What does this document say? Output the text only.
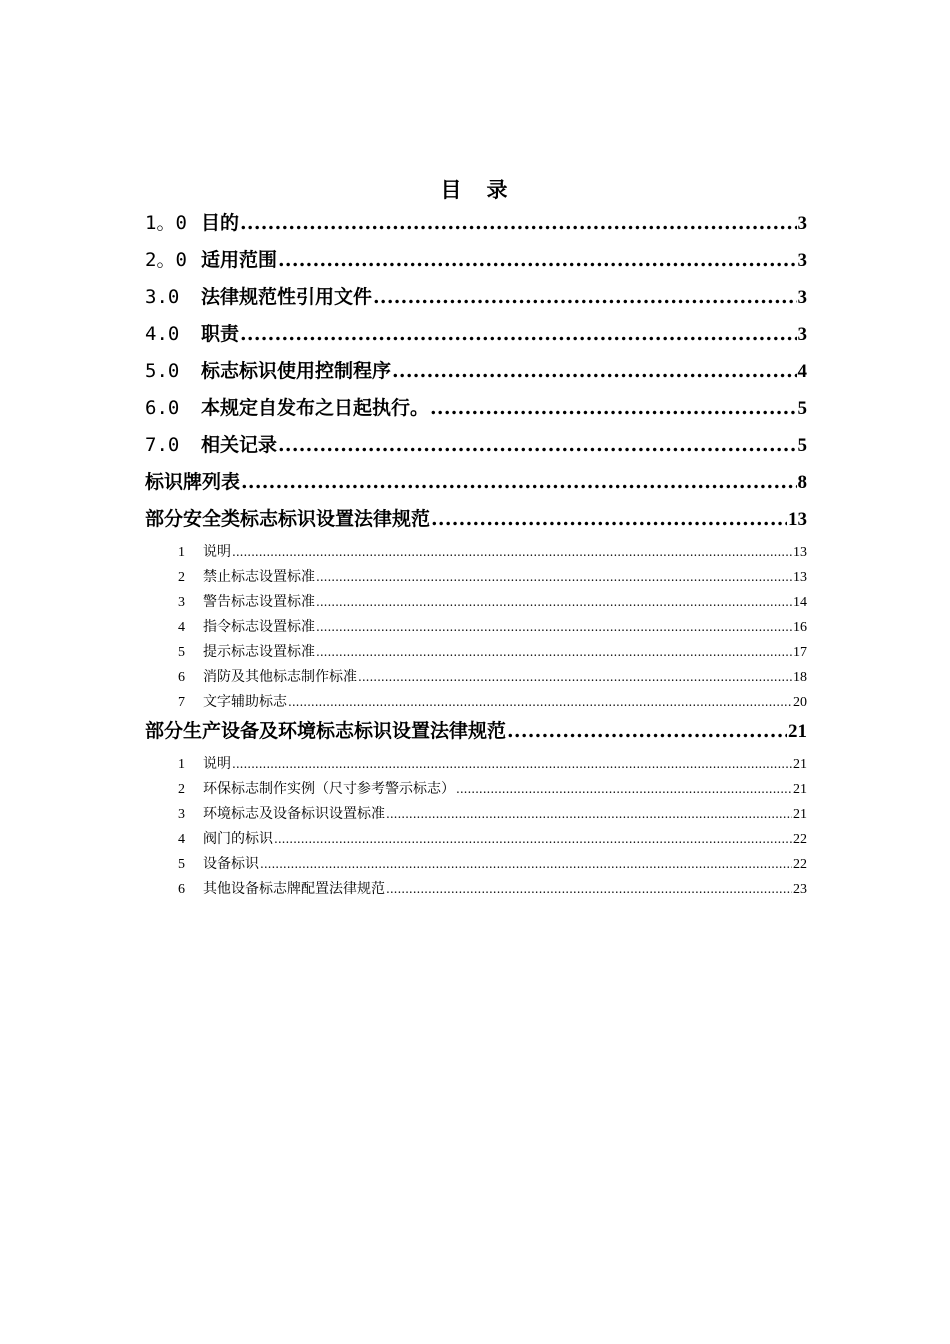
目　录
1。0 目的 .....	3
2。0 适用范围 .....	3
3.0 法律规范性引用文件 .....	3
4.0 职责 .....	3
5.0 标志标识使用控制程序 .....	4
6.0 本规定自发布之日起执行。 .....	5
7.0 相关记录 .....	5
标识牌列表 .....	8
部分安全类标志标识设置法律规范 .....	13
1 说明 .....	13
2 禁止标志设置标准 .....	13
3 警告标志设置标准 .....	14
4 指令标志设置标准 .....	16
5 提示标志设置标准 .....	17
6 消防及其他标志制作标准 .....	18
7 文字辅助标志 .....	20
部分生产设备及环境标志标识设置法律规范 .....	21
1 说明 .....	21
2 环保标志制作实例（尺寸参考警示标志） .....	21
3 环境标志及设备标识设置标准 .....	21
4 阀门的标识 .....	22
5 设备标识 .....	22
6 其他设备标志牌配置法律规范 .....	23
